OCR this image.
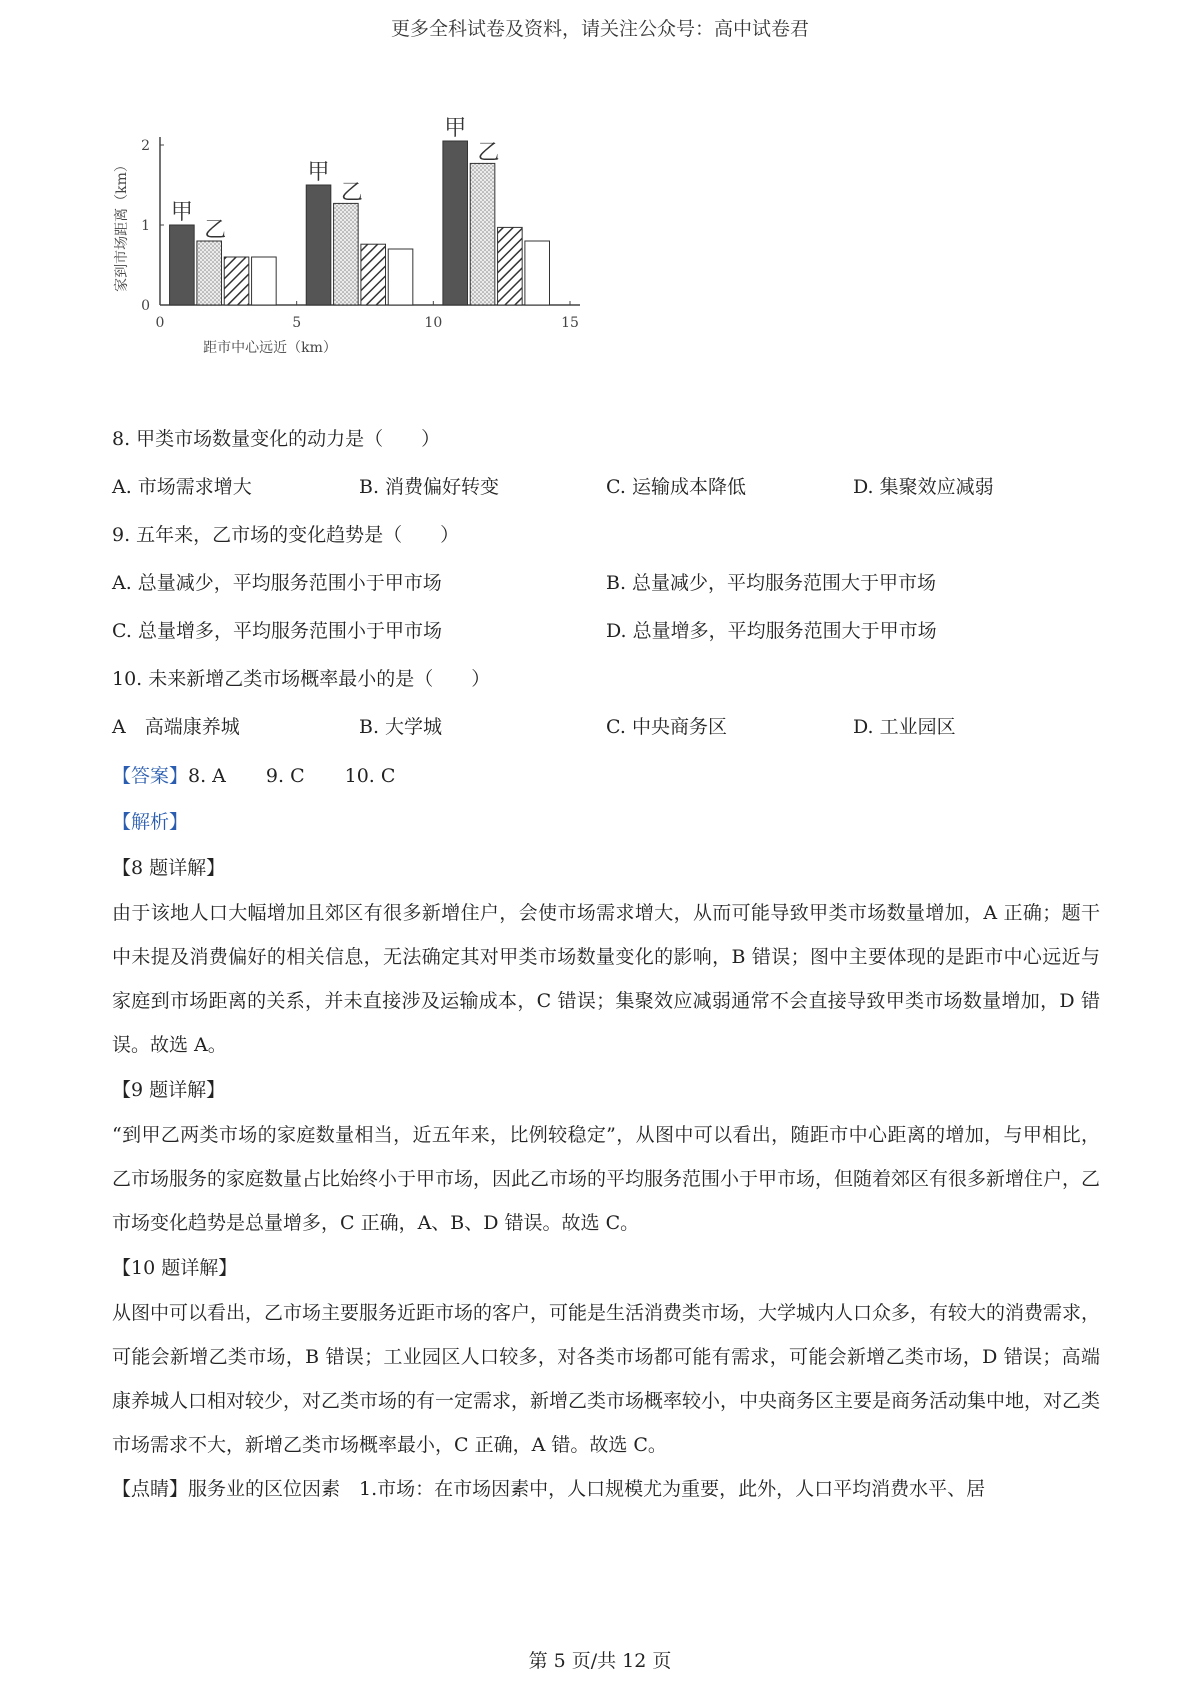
更多全科试卷及资料，请关注公众号：高中试卷君
0	5	10	15
0
1
2
距市中心远近（km）
家到市场距离（km） 甲
乙
甲
乙
甲
乙

8. 甲类市场数量变化的动力是（　　）

A. 市场需求增大	B. 消费偏好转变	C. 运输成本降低	D. 集聚效应减弱

9. 五年来，乙市场的变化趋势是（　　）

A. 总量减少，平均服务范围小于甲市场	B. 总量减少，平均服务范围大于甲市场
C. 总量增多，平均服务范围小于甲市场	D. 总量增多，平均服务范围大于甲市场

10. 未来新增乙类市场概率最小的是（　　）

A　高端康养城	B. 大学城	C. 中央商务区	D. 工业园区
【答案】8. A 9. C 10. C
【解析】
【8 题详解】

由于该地人口大幅增加且郊区有很多新增住户，会使市场需求增大，从而可能导致甲类市场数量增加，A 正确；题干中未提及消费偏好的相关信息，无法确定其对甲类市场数量变化的影响，B 错误；图中主要体现的是距市中心远近与家庭到市场距离的关系，并未直接涉及运输成本，C 错误；集聚效应减弱通常不会直接导致甲类市场数量增加，D 错误。故选 A。

【9 题详解】

“到甲乙两类市场的家庭数量相当，近五年来，比例较稳定”，从图中可以看出，随距市中心距离的增加，与甲相比，乙市场服务的家庭数量占比始终小于甲市场，因此乙市场的平均服务范围小于甲市场，但随着郊区有很多新增住户，乙市场变化趋势是总量增多，C 正确，A、B、D 错误。故选 C。

【10 题详解】

从图中可以看出，乙市场主要服务近距市场的客户，可能是生活消费类市场，大学城内人口众多，有较大的消费需求，可能会新增乙类市场，B 错误；工业园区人口较多，对各类市场都可能有需求，可能会新增乙类市场，D 错误；高端康养城人口相对较少，对乙类市场的有一定需求，新增乙类市场概率较小，中央商务区主要是商务活动集中地，对乙类市场需求不大，新增乙类市场概率最小，C 正确，A 错。故选 C。

【点睛】服务业的区位因素　1.市场：在市场因素中，人口规模尤为重要，此外，人口平均消费水平、居

第 5 页/共 12 页
